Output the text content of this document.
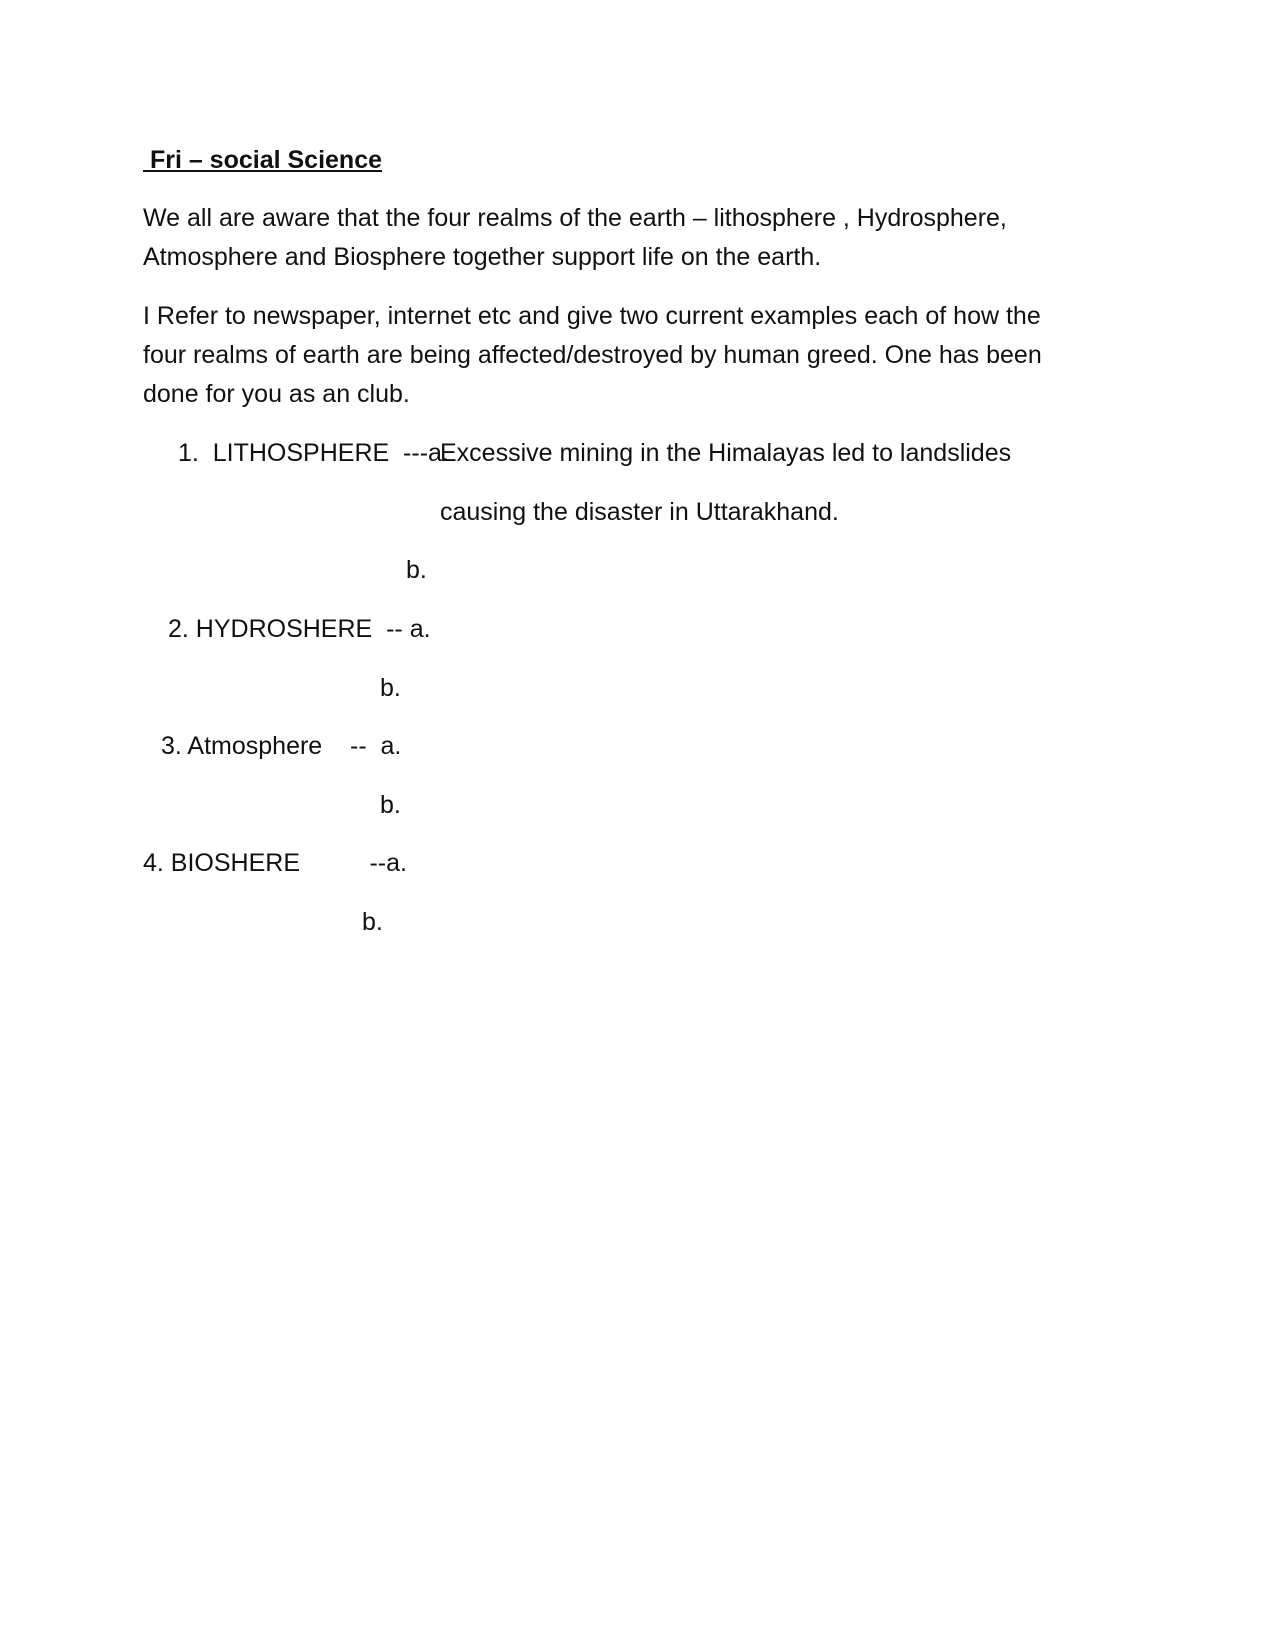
Fri – social Science
We all are aware that the four realms of the earth – lithosphere , Hydrosphere,
Atmosphere and Biosphere together support life on the earth.
I Refer to newspaper, internet etc and give two current examples each of how the
four realms of earth are being affected/destroyed by human greed. One has been
done for you as an club.
1.  LITHOSPHERE  ---a.
Excessive mining in the Himalayas led to landslides
causing the disaster in Uttarakhand.
b.
2. HYDROSHERE  -- a.
b.
3. Atmosphere    --  a.
b.
4. BIOSHERE          --a.
b.
